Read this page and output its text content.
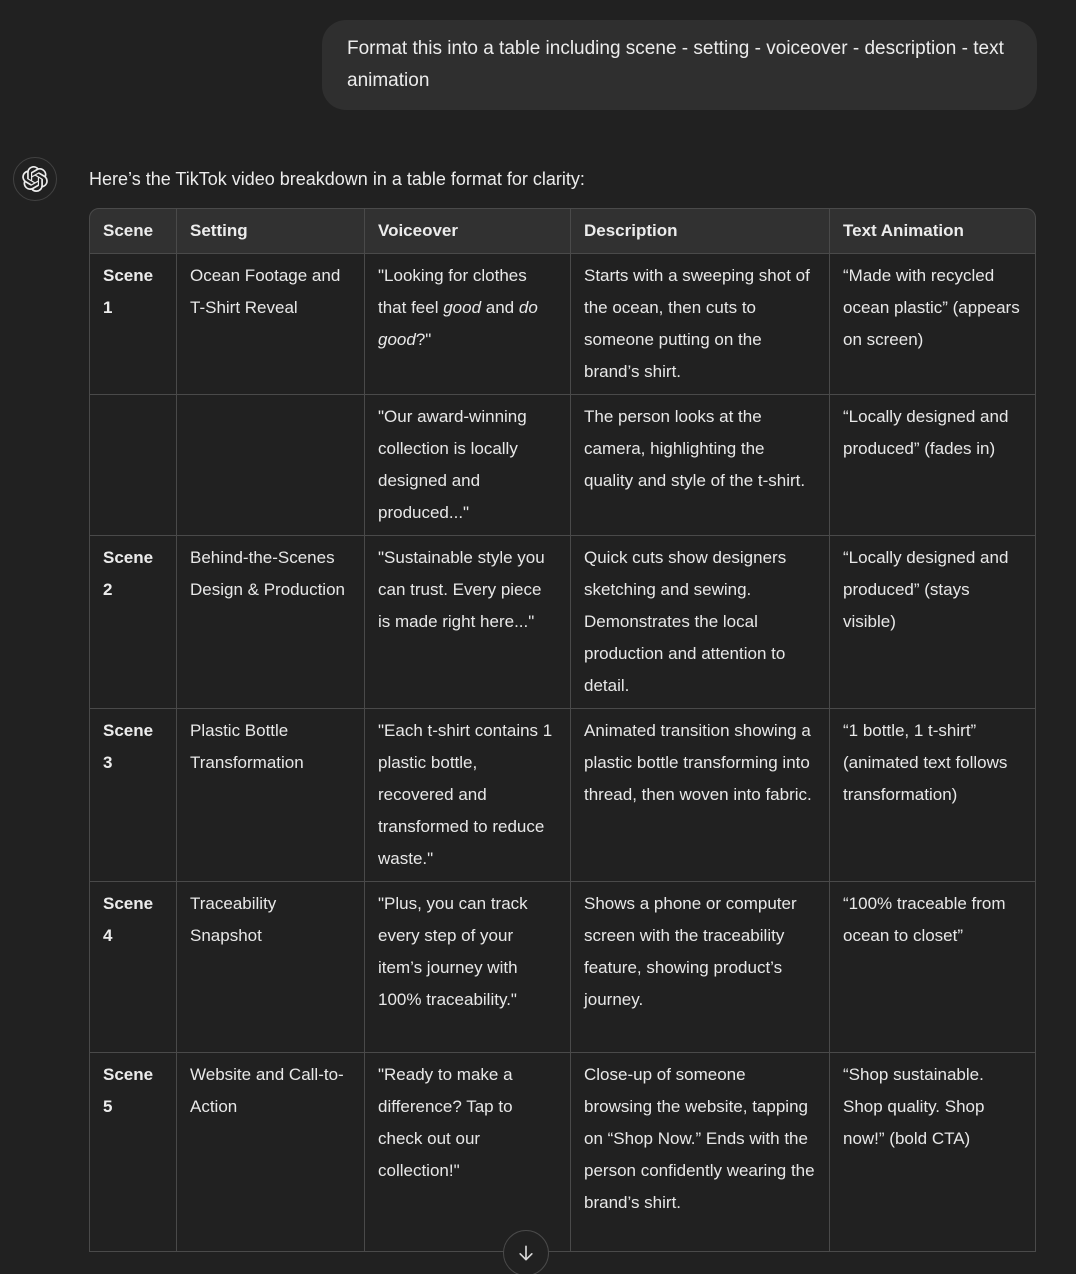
Format this into a table including scene - setting - voiceover - description - text animation

Here’s the TikTok video breakdown in a table format for clarity:

Scene	Setting	Voiceover	Description	Text Animation
Scene 1	Ocean Footage and T-Shirt Reveal	"Looking for clothes that feel good and do good?"	Starts with a sweeping shot of the ocean, then cuts to someone putting on the brand’s shirt.	“Made with recycled ocean plastic” (appears on screen)
		"Our award-winning collection is locally designed and produced..."	The person looks at the camera, highlighting the quality and style of the t-shirt.	“Locally designed and produced” (fades in)
Scene 2	Behind-the-Scenes Design & Production	"Sustainable style you can trust. Every piece is made right here..."	Quick cuts show designers sketching and sewing. Demonstrates the local production and attention to detail.	“Locally designed and produced” (stays visible)
Scene 3	Plastic Bottle Transformation	"Each t-shirt contains 1 plastic bottle, recovered and transformed to reduce waste."	Animated transition showing a plastic bottle transforming into thread, then woven into fabric.	“1 bottle, 1 t-shirt” (animated text follows transformation)
Scene 4	Traceability Snapshot	"Plus, you can track every step of your item’s journey with 100% traceability."	Shows a phone or computer screen with the traceability feature, showing product’s journey.	“100% traceable from ocean to closet”
Scene 5	Website and Call-to-Action	"Ready to make a difference? Tap to check out our collection!"	Close-up of someone browsing the website, tapping on “Shop Now.” Ends with the person confidently wearing the brand’s shirt.	“Shop sustainable. Shop quality. Shop now!” (bold CTA)
